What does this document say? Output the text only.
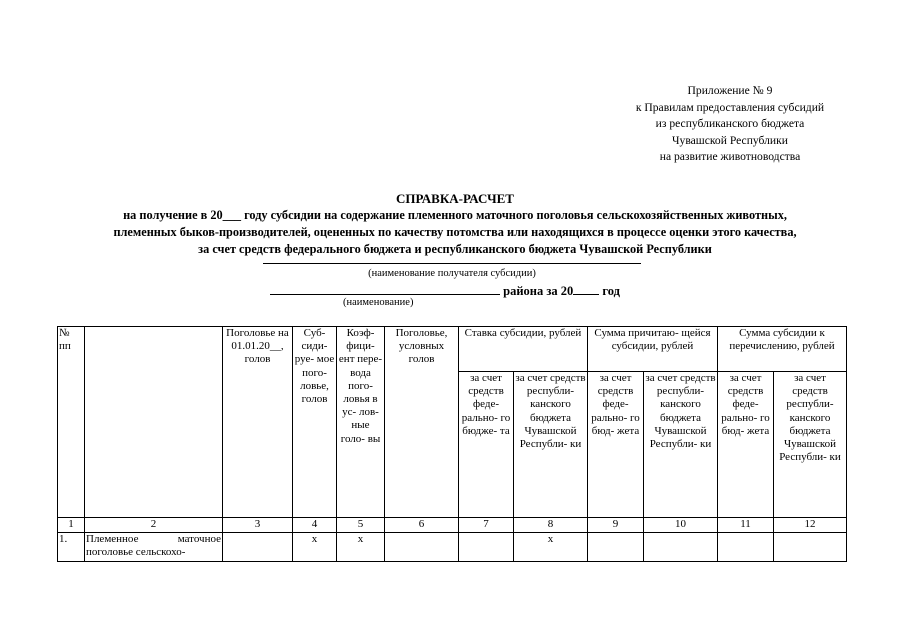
Приложение № 9
к Правилам предоставления субсидий
из республиканского бюджета
Чувашской Республики
на развитие животноводства
СПРАВКА-РАСЧЕТ
на получение в 20___ году субсидии на содержание племенного маточного поголовья сельскохозяйственных животных,
племенных быков-производителей, оцененных по качеству потомства или находящихся в процессе оценки этого качества,
за счет средств федерального бюджета и республиканского бюджета Чувашской Республики
(наименование получателя субсидии)
района за 20 год
(наименование)
№ пп		Поголовье на 01.01.20__, голов	Суб- сиди- руе- мое пого- ловье, голов	Коэф- фици- ент пере- вода пого- ловья в ус- лов- ные голо- вы	Поголовье, условных голов	Ставка субсидии, рублей		Сумма причитаю- щейся субсидии, рублей		Сумма субсидии к перечислению, рублей	
						за счет средств феде- рально- го бюдже- та	за счет средств республи- канского бюджета Чувашской Республи- ки	за счет средств феде- рально- го бюд- жета	за счет средств республи- канского бюджета Чувашской Республи- ки	за счет средств феде- рально- го бюд- жета	за счет средств республи- канского бюджета Чувашской Республи- ки
1	2	3	4	5	6	7	8	9	10	11	12
1.	Племенное маточное поголовье сельскохо-		x	x			x				
